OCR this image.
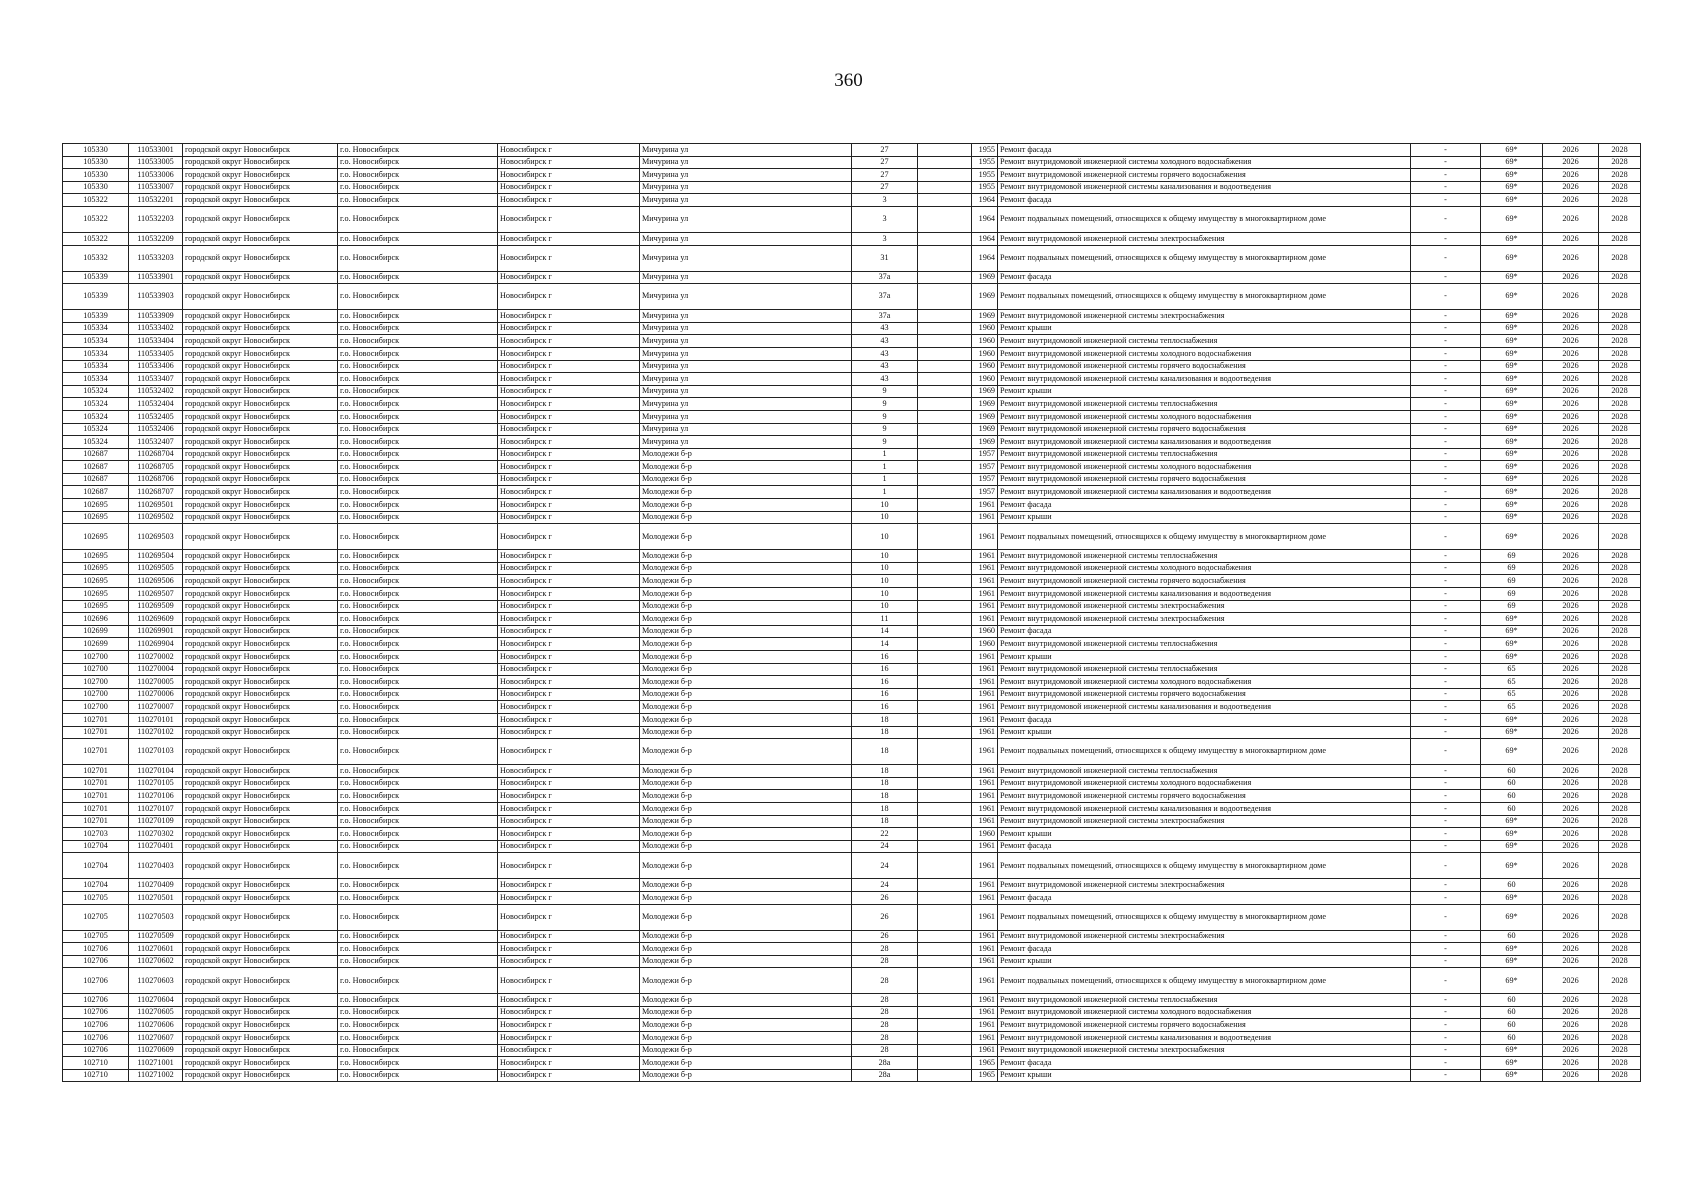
360
105330	110533001	городской округ Новосибирск	г.о. Новосибирск	Новосибирск г	Мичурина ул	27		1955	Ремонт фасада	-	69*	2026	2028
105330	110533005	городской округ Новосибирск	г.о. Новосибирск	Новосибирск г	Мичурина ул	27		1955	Ремонт внутридомовой инженерной системы холодного водоснабжения	-	69*	2026	2028
105330	110533006	городской округ Новосибирск	г.о. Новосибирск	Новосибирск г	Мичурина ул	27		1955	Ремонт внутридомовой инженерной системы горячего водоснабжения	-	69*	2026	2028
105330	110533007	городской округ Новосибирск	г.о. Новосибирск	Новосибирск г	Мичурина ул	27		1955	Ремонт внутридомовой инженерной системы канализования и водоотведения	-	69*	2026	2028
105322	110532201	городской округ Новосибирск	г.о. Новосибирск	Новосибирск г	Мичурина ул	3		1964	Ремонт фасада	-	69*	2026	2028
105322	110532203	городской округ Новосибирск	г.о. Новосибирск	Новосибирск г	Мичурина ул	3		1964	Ремонт подвальных помещений, относящихся к общему имуществу в многоквартирном доме	-	69*	2026	2028
105322	110532209	городской округ Новосибирск	г.о. Новосибирск	Новосибирск г	Мичурина ул	3		1964	Ремонт внутридомовой инженерной системы электроснабжения	-	69*	2026	2028
105332	110533203	городской округ Новосибирск	г.о. Новосибирск	Новосибирск г	Мичурина ул	31		1964	Ремонт подвальных помещений, относящихся к общему имуществу в многоквартирном доме	-	69*	2026	2028
105339	110533901	городской округ Новосибирск	г.о. Новосибирск	Новосибирск г	Мичурина ул	37а		1969	Ремонт фасада	-	69*	2026	2028
105339	110533903	городской округ Новосибирск	г.о. Новосибирск	Новосибирск г	Мичурина ул	37а		1969	Ремонт подвальных помещений, относящихся к общему имуществу в многоквартирном доме	-	69*	2026	2028
105339	110533909	городской округ Новосибирск	г.о. Новосибирск	Новосибирск г	Мичурина ул	37а		1969	Ремонт внутридомовой инженерной системы электроснабжения	-	69*	2026	2028
105334	110533402	городской округ Новосибирск	г.о. Новосибирск	Новосибирск г	Мичурина ул	43		1960	Ремонт крыши	-	69*	2026	2028
105334	110533404	городской округ Новосибирск	г.о. Новосибирск	Новосибирск г	Мичурина ул	43		1960	Ремонт внутридомовой инженерной системы теплоснабжения	-	69*	2026	2028
105334	110533405	городской округ Новосибирск	г.о. Новосибирск	Новосибирск г	Мичурина ул	43		1960	Ремонт внутридомовой инженерной системы холодного водоснабжения	-	69*	2026	2028
105334	110533406	городской округ Новосибирск	г.о. Новосибирск	Новосибирск г	Мичурина ул	43		1960	Ремонт внутридомовой инженерной системы горячего водоснабжения	-	69*	2026	2028
105334	110533407	городской округ Новосибирск	г.о. Новосибирск	Новосибирск г	Мичурина ул	43		1960	Ремонт внутридомовой инженерной системы канализования и водоотведения	-	69*	2026	2028
105324	110532402	городской округ Новосибирск	г.о. Новосибирск	Новосибирск г	Мичурина ул	9		1969	Ремонт крыши	-	69*	2026	2028
105324	110532404	городской округ Новосибирск	г.о. Новосибирск	Новосибирск г	Мичурина ул	9		1969	Ремонт внутридомовой инженерной системы теплоснабжения	-	69*	2026	2028
105324	110532405	городской округ Новосибирск	г.о. Новосибирск	Новосибирск г	Мичурина ул	9		1969	Ремонт внутридомовой инженерной системы холодного водоснабжения	-	69*	2026	2028
105324	110532406	городской округ Новосибирск	г.о. Новосибирск	Новосибирск г	Мичурина ул	9		1969	Ремонт внутридомовой инженерной системы горячего водоснабжения	-	69*	2026	2028
105324	110532407	городской округ Новосибирск	г.о. Новосибирск	Новосибирск г	Мичурина ул	9		1969	Ремонт внутридомовой инженерной системы канализования и водоотведения	-	69*	2026	2028
102687	110268704	городской округ Новосибирск	г.о. Новосибирск	Новосибирск г	Молодежи б-р	1		1957	Ремонт внутридомовой инженерной системы теплоснабжения	-	69*	2026	2028
102687	110268705	городской округ Новосибирск	г.о. Новосибирск	Новосибирск г	Молодежи б-р	1		1957	Ремонт внутридомовой инженерной системы холодного водоснабжения	-	69*	2026	2028
102687	110268706	городской округ Новосибирск	г.о. Новосибирск	Новосибирск г	Молодежи б-р	1		1957	Ремонт внутридомовой инженерной системы горячего водоснабжения	-	69*	2026	2028
102687	110268707	городской округ Новосибирск	г.о. Новосибирск	Новосибирск г	Молодежи б-р	1		1957	Ремонт внутридомовой инженерной системы канализования и водоотведения	-	69*	2026	2028
102695	110269501	городской округ Новосибирск	г.о. Новосибирск	Новосибирск г	Молодежи б-р	10		1961	Ремонт фасада	-	69*	2026	2028
102695	110269502	городской округ Новосибирск	г.о. Новосибирск	Новосибирск г	Молодежи б-р	10		1961	Ремонт крыши	-	69*	2026	2028
102695	110269503	городской округ Новосибирск	г.о. Новосибирск	Новосибирск г	Молодежи б-р	10		1961	Ремонт подвальных помещений, относящихся к общему имуществу в многоквартирном доме	-	69*	2026	2028
102695	110269504	городской округ Новосибирск	г.о. Новосибирск	Новосибирск г	Молодежи б-р	10		1961	Ремонт внутридомовой инженерной системы теплоснабжения	-	69	2026	2028
102695	110269505	городской округ Новосибирск	г.о. Новосибирск	Новосибирск г	Молодежи б-р	10		1961	Ремонт внутридомовой инженерной системы холодного водоснабжения	-	69	2026	2028
102695	110269506	городской округ Новосибирск	г.о. Новосибирск	Новосибирск г	Молодежи б-р	10		1961	Ремонт внутридомовой инженерной системы горячего водоснабжения	-	69	2026	2028
102695	110269507	городской округ Новосибирск	г.о. Новосибирск	Новосибирск г	Молодежи б-р	10		1961	Ремонт внутридомовой инженерной системы канализования и водоотведения	-	69	2026	2028
102695	110269509	городской округ Новосибирск	г.о. Новосибирск	Новосибирск г	Молодежи б-р	10		1961	Ремонт внутридомовой инженерной системы электроснабжения	-	69	2026	2028
102696	110269609	городской округ Новосибирск	г.о. Новосибирск	Новосибирск г	Молодежи б-р	11		1961	Ремонт внутридомовой инженерной системы электроснабжения	-	69*	2026	2028
102699	110269901	городской округ Новосибирск	г.о. Новосибирск	Новосибирск г	Молодежи б-р	14		1960	Ремонт фасада	-	69*	2026	2028
102699	110269904	городской округ Новосибирск	г.о. Новосибирск	Новосибирск г	Молодежи б-р	14		1960	Ремонт внутридомовой инженерной системы теплоснабжения	-	69*	2026	2028
102700	110270002	городской округ Новосибирск	г.о. Новосибирск	Новосибирск г	Молодежи б-р	16		1961	Ремонт крыши	-	69*	2026	2028
102700	110270004	городской округ Новосибирск	г.о. Новосибирск	Новосибирск г	Молодежи б-р	16		1961	Ремонт внутридомовой инженерной системы теплоснабжения	-	65	2026	2028
102700	110270005	городской округ Новосибирск	г.о. Новосибирск	Новосибирск г	Молодежи б-р	16		1961	Ремонт внутридомовой инженерной системы холодного водоснабжения	-	65	2026	2028
102700	110270006	городской округ Новосибирск	г.о. Новосибирск	Новосибирск г	Молодежи б-р	16		1961	Ремонт внутридомовой инженерной системы горячего водоснабжения	-	65	2026	2028
102700	110270007	городской округ Новосибирск	г.о. Новосибирск	Новосибирск г	Молодежи б-р	16		1961	Ремонт внутридомовой инженерной системы канализования и водоотведения	-	65	2026	2028
102701	110270101	городской округ Новосибирск	г.о. Новосибирск	Новосибирск г	Молодежи б-р	18		1961	Ремонт фасада	-	69*	2026	2028
102701	110270102	городской округ Новосибирск	г.о. Новосибирск	Новосибирск г	Молодежи б-р	18		1961	Ремонт крыши	-	69*	2026	2028
102701	110270103	городской округ Новосибирск	г.о. Новосибирск	Новосибирск г	Молодежи б-р	18		1961	Ремонт подвальных помещений, относящихся к общему имуществу в многоквартирном доме	-	69*	2026	2028
102701	110270104	городской округ Новосибирск	г.о. Новосибирск	Новосибирск г	Молодежи б-р	18		1961	Ремонт внутридомовой инженерной системы теплоснабжения	-	60	2026	2028
102701	110270105	городской округ Новосибирск	г.о. Новосибирск	Новосибирск г	Молодежи б-р	18		1961	Ремонт внутридомовой инженерной системы холодного водоснабжения	-	60	2026	2028
102701	110270106	городской округ Новосибирск	г.о. Новосибирск	Новосибирск г	Молодежи б-р	18		1961	Ремонт внутридомовой инженерной системы горячего водоснабжения	-	60	2026	2028
102701	110270107	городской округ Новосибирск	г.о. Новосибирск	Новосибирск г	Молодежи б-р	18		1961	Ремонт внутридомовой инженерной системы канализования и водоотведения	-	60	2026	2028
102701	110270109	городской округ Новосибирск	г.о. Новосибирск	Новосибирск г	Молодежи б-р	18		1961	Ремонт внутридомовой инженерной системы электроснабжения	-	69*	2026	2028
102703	110270302	городской округ Новосибирск	г.о. Новосибирск	Новосибирск г	Молодежи б-р	22		1960	Ремонт крыши	-	69*	2026	2028
102704	110270401	городской округ Новосибирск	г.о. Новосибирск	Новосибирск г	Молодежи б-р	24		1961	Ремонт фасада	-	69*	2026	2028
102704	110270403	городской округ Новосибирск	г.о. Новосибирск	Новосибирск г	Молодежи б-р	24		1961	Ремонт подвальных помещений, относящихся к общему имуществу в многоквартирном доме	-	69*	2026	2028
102704	110270409	городской округ Новосибирск	г.о. Новосибирск	Новосибирск г	Молодежи б-р	24		1961	Ремонт внутридомовой инженерной системы электроснабжения	-	60	2026	2028
102705	110270501	городской округ Новосибирск	г.о. Новосибирск	Новосибирск г	Молодежи б-р	26		1961	Ремонт фасада	-	69*	2026	2028
102705	110270503	городской округ Новосибирск	г.о. Новосибирск	Новосибирск г	Молодежи б-р	26		1961	Ремонт подвальных помещений, относящихся к общему имуществу в многоквартирном доме	-	69*	2026	2028
102705	110270509	городской округ Новосибирск	г.о. Новосибирск	Новосибирск г	Молодежи б-р	26		1961	Ремонт внутридомовой инженерной системы электроснабжения	-	60	2026	2028
102706	110270601	городской округ Новосибирск	г.о. Новосибирск	Новосибирск г	Молодежи б-р	28		1961	Ремонт фасада	-	69*	2026	2028
102706	110270602	городской округ Новосибирск	г.о. Новосибирск	Новосибирск г	Молодежи б-р	28		1961	Ремонт крыши	-	69*	2026	2028
102706	110270603	городской округ Новосибирск	г.о. Новосибирск	Новосибирск г	Молодежи б-р	28		1961	Ремонт подвальных помещений, относящихся к общему имуществу в многоквартирном доме	-	69*	2026	2028
102706	110270604	городской округ Новосибирск	г.о. Новосибирск	Новосибирск г	Молодежи б-р	28		1961	Ремонт внутридомовой инженерной системы теплоснабжения	-	60	2026	2028
102706	110270605	городской округ Новосибирск	г.о. Новосибирск	Новосибирск г	Молодежи б-р	28		1961	Ремонт внутридомовой инженерной системы холодного водоснабжения	-	60	2026	2028
102706	110270606	городской округ Новосибирск	г.о. Новосибирск	Новосибирск г	Молодежи б-р	28		1961	Ремонт внутридомовой инженерной системы горячего водоснабжения	-	60	2026	2028
102706	110270607	городской округ Новосибирск	г.о. Новосибирск	Новосибирск г	Молодежи б-р	28		1961	Ремонт внутридомовой инженерной системы канализования и водоотведения	-	60	2026	2028
102706	110270609	городской округ Новосибирск	г.о. Новосибирск	Новосибирск г	Молодежи б-р	28		1961	Ремонт внутридомовой инженерной системы электроснабжения	-	69*	2026	2028
102710	110271001	городской округ Новосибирск	г.о. Новосибирск	Новосибирск г	Молодежи б-р	28а		1965	Ремонт фасада	-	69*	2026	2028
102710	110271002	городской округ Новосибирск	г.о. Новосибирск	Новосибирск г	Молодежи б-р	28а		1965	Ремонт крыши	-	69*	2026	2028
